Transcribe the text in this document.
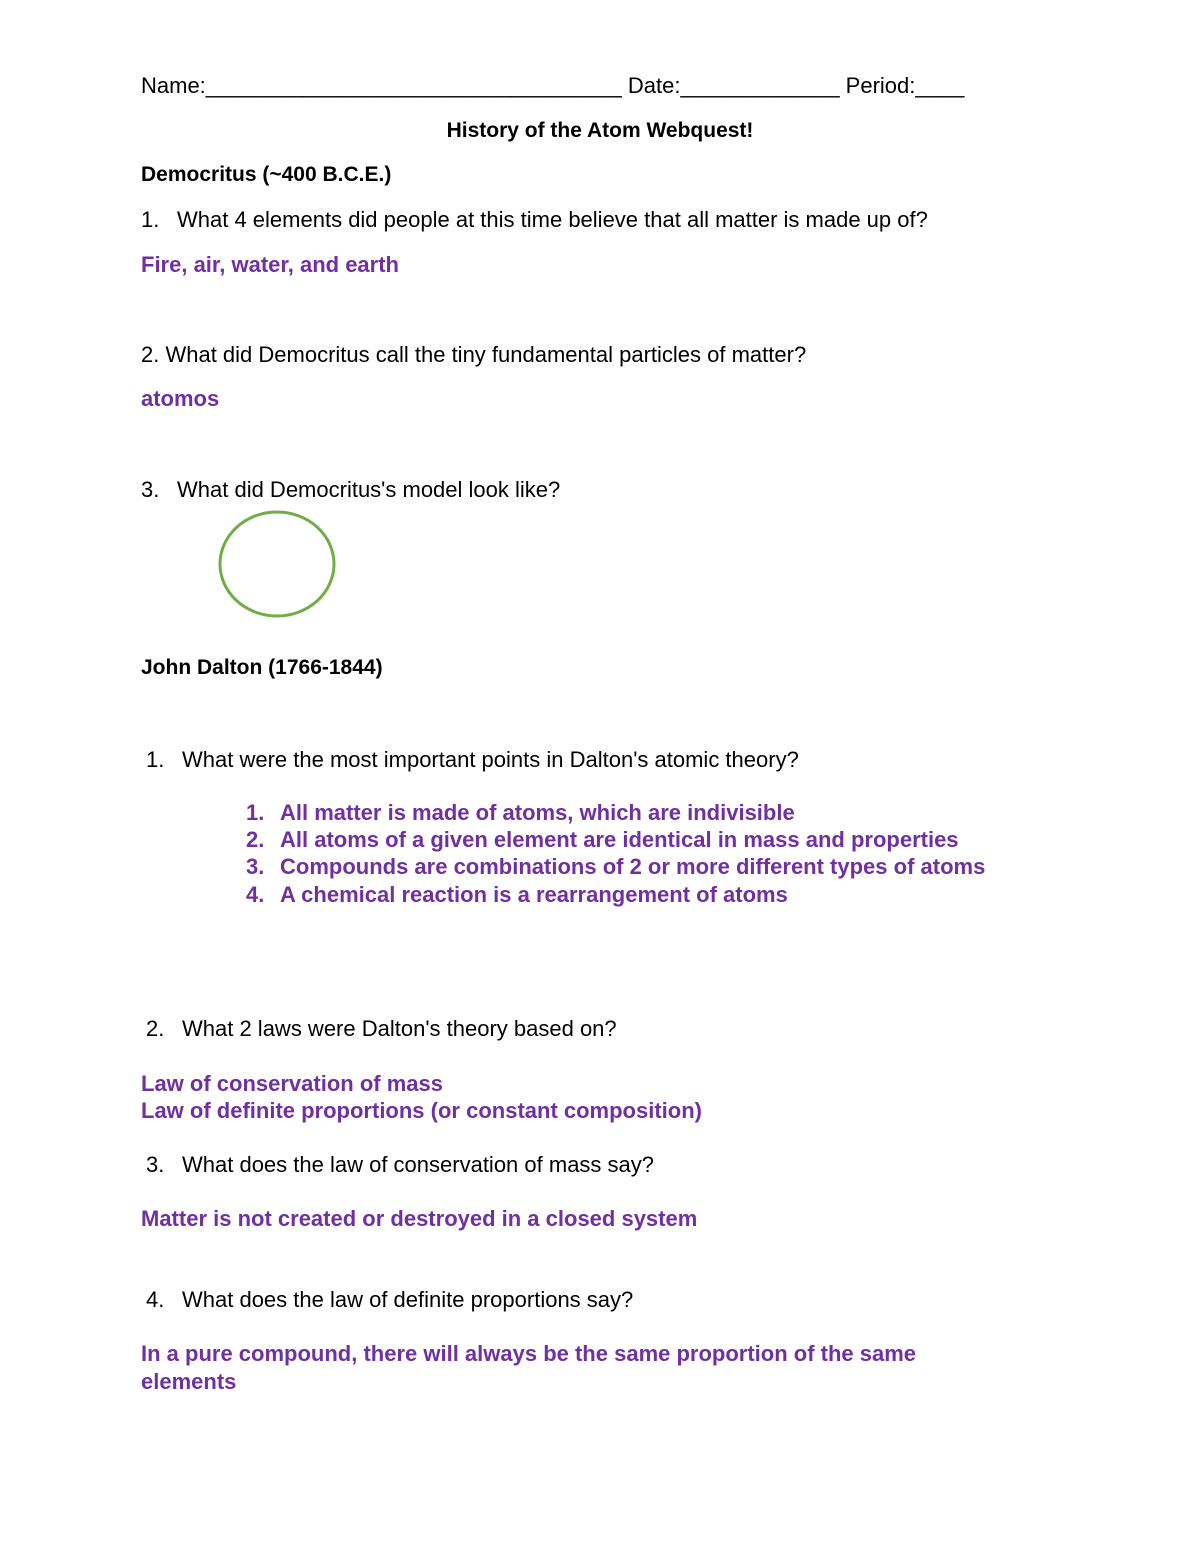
Name:__________________________________ Date:_____________ Period:____
History of the Atom Webquest!
Democritus (~400 B.C.E.)
1. What 4 elements did people at this time believe that all matter is made up of?
Fire, air, water, and earth
2. What did Democritus call the tiny fundamental particles of matter?
atomos
3. What did Democritus's model look like?
John Dalton (1766-1844)
1. What were the most important points in Dalton's atomic theory?
1. All matter is made of atoms, which are indivisible
2. All atoms of a given element are identical in mass and properties
3. Compounds are combinations of 2 or more different types of atoms
4. A chemical reaction is a rearrangement of atoms
2. What 2 laws were Dalton's theory based on?
Law of conservation of mass
Law of definite proportions (or constant composition)
3. What does the law of conservation of mass say?
Matter is not created or destroyed in a closed system
4. What does the law of definite proportions say?
In a pure compound, there will always be the same proportion of the same
elements
